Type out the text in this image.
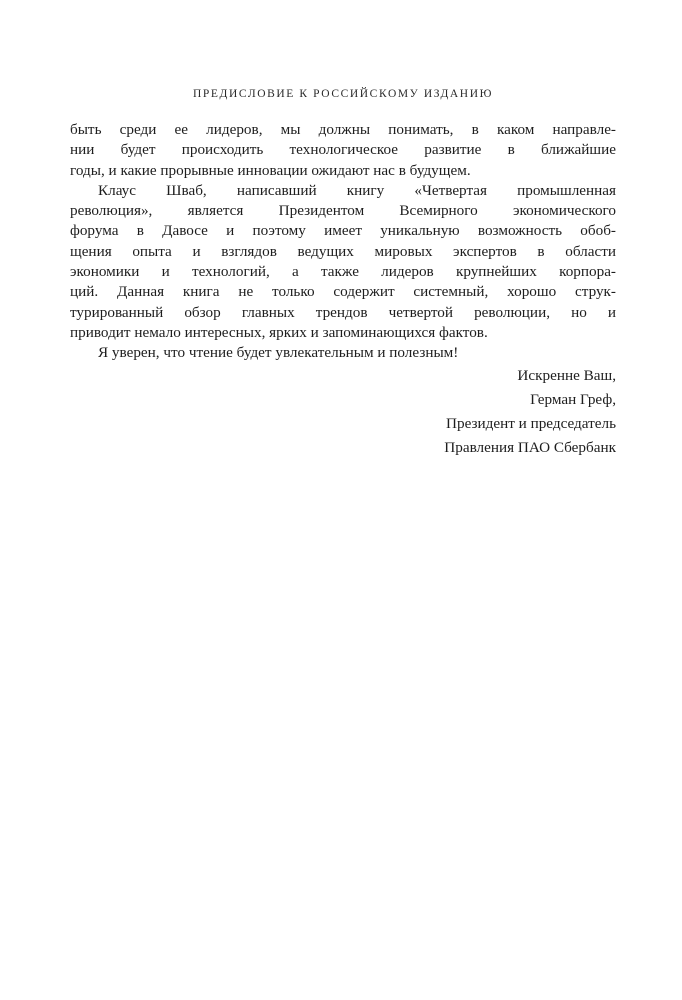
ПРЕДИСЛОВИЕ К РОССИЙСКОМУ ИЗДАНИЮ
быть среди ее лидеров, мы должны понимать, в каком направле-
нии будет происходить технологическое развитие в ближайшие
годы, и какие прорывные инновации ожидают нас в будущем.
Клаус Шваб, написавший книгу «Четвертая промышленная
революция», является Президентом Всемирного экономического
форума в Давосе и поэтому имеет уникальную возможность обоб-
щения опыта и взглядов ведущих мировых экспертов в области
экономики и технологий, а также лидеров крупнейших корпора-
ций. Данная книга не только содержит системный, хорошо струк-
турированный обзор главных трендов четвертой революции, но и
приводит немало интересных, ярких и запоминающихся фактов.
Я уверен, что чтение будет увлекательным и полезным!
Искренне Ваш,
Герман Греф,
Президент и председатель
Правления ПАО Сбербанк
